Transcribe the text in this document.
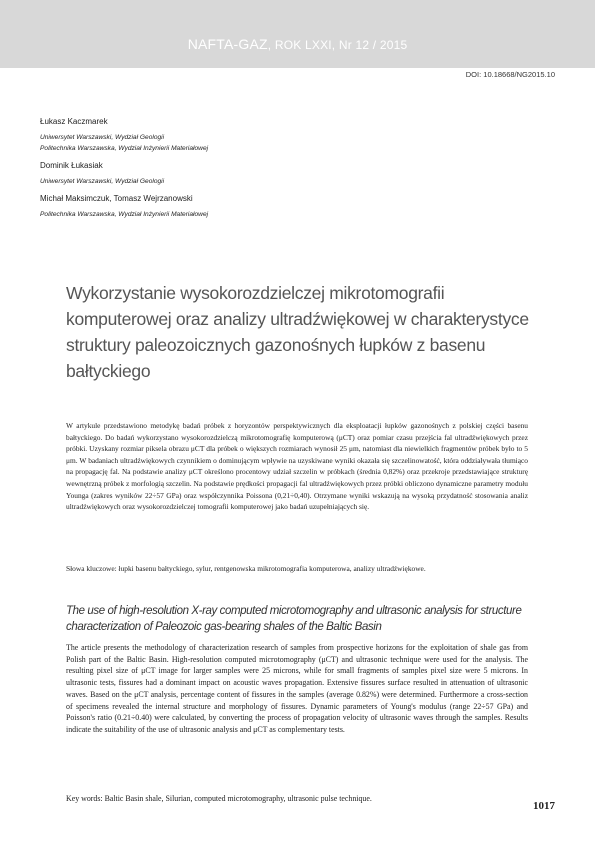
NAFTA-GAZ, ROK LXXI, Nr 12 / 2015
DOI: 10.18668/NG2015.10
Łukasz Kaczmarek
Uniwersytet Warszawski, Wydział Geologii
Politechnika Warszawska, Wydział Inżynierii Materiałowej
Dominik Łukasiak
Uniwersytet Warszawski, Wydział Geologii
Michał Maksimczuk, Tomasz Wejrzanowski
Politechnika Warszawska, Wydział Inżynierii Materiałowej
Wykorzystanie wysokorozdzielczej mikrotomografii komputerowej oraz analizy ultradźwiękowej w charakterystyce struktury paleozoicznych gazonośnych łupków z basenu bałtyckiego
W artykule przedstawiono metodykę badań próbek z horyzontów perspektywicznych dla eksploatacji łupków gazonośnych z polskiej części basenu bałtyckiego. Do badań wykorzystano wysokorozdzielczą mikrotomografię komputerową (μCT) oraz pomiar czasu przejścia fal ultradźwiękowych przez próbki. Uzyskany rozmiar piksela obrazu μCT dla próbek o większych rozmiarach wynosił 25 μm, natomiast dla niewielkich fragmentów próbek było to 5 μm. W badaniach ultradźwiękowych czynnikiem o dominującym wpływie na uzyskiwane wyniki okazała się szczelinowatość, która oddziaływała tłumiąco na propagację fal. Na podstawie analizy μCT określono procentowy udział szczelin w próbkach (średnia 0,82%) oraz przekroje przedstawiające strukturę wewnętrzną próbek z morfologią szczelin. Na podstawie prędkości propagacji fal ultradźwiękowych przez próbki obliczono dynamiczne parametry modułu Younga (zakres wyników 22÷57 GPa) oraz współczynnika Poissona (0,21÷0,40). Otrzymane wyniki wskazują na wysoką przydatność stosowania analiz ultradźwiękowych oraz wysokorozdzielczej tomografii komputerowej jako badań uzupełniających się.
Słowa kluczowe: łupki basenu bałtyckiego, sylur, rentgenowska mikrotomografia komputerowa, analizy ultradźwiękowe.
The use of high-resolution X-ray computed microtomography and ultrasonic analysis for structure characterization of Paleozoic gas-bearing shales of the Baltic Basin
The article presents the methodology of characterization research of samples from prospective horizons for the exploitation of shale gas from Polish part of the Baltic Basin. High-resolution computed microtomography (μCT) and ultrasonic technique were used for the analysis. The resulting pixel size of μCT image for larger samples were 25 microns, while for small fragments of samples pixel size were 5 microns. In ultrasonic tests, fissures had a dominant impact on acoustic waves propagation. Extensive fissures surface resulted in attenuation of ultrasonic waves. Based on the μCT analysis, percentage content of fissures in the samples (average 0.82%) were determined. Furthermore a cross-section of specimens revealed the internal structure and morphology of fissures. Dynamic parameters of Young's modulus (range 22÷57 GPa) and Poisson's ratio (0.21÷0.40) were calculated, by converting the process of propagation velocity of ultrasonic waves through the samples. Results indicate the suitability of the use of ultrasonic analysis and μCT as complementary tests.
Key words: Baltic Basin shale, Silurian, computed microtomography, ultrasonic pulse technique.
1017
